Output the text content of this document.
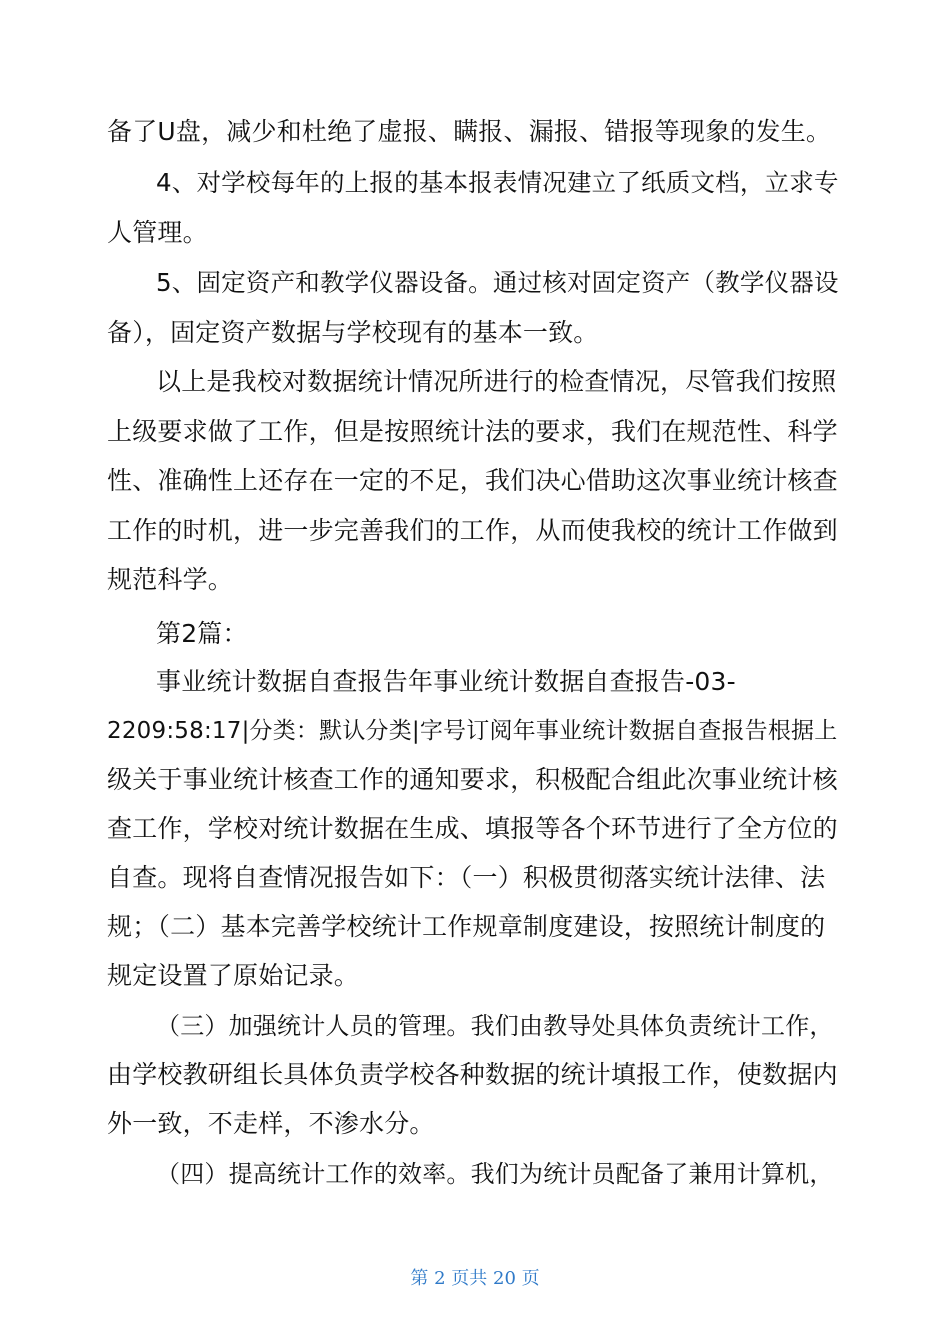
备了U盘，减少和杜绝了虚报、瞒报、漏报、错报等现象的发生。
4、对学校每年的上报的基本报表情况建立了纸质文档，立求专
人管理。
5、固定资产和教学仪器设备。通过核对固定资产（教学仪器设
备），固定资产数据与学校现有的基本一致。
以上是我校对数据统计情况所进行的检查情况，尽管我们按照
上级要求做了工作，但是按照统计法的要求，我们在规范性、科学
性、准确性上还存在一定的不足，我们决心借助这次事业统计核查
工作的时机，进一步完善我们的工作，从而使我校的统计工作做到
规范科学。
第2篇：
事业统计数据自查报告年事业统计数据自查报告-03-
2209:58:17|分类：默认分类|字号订阅年事业统计数据自查报告根据上
级关于事业统计核查工作的通知要求，积极配合组此次事业统计核
查工作，学校对统计数据在生成、填报等各个环节进行了全方位的
自查。现将自查情况报告如下：（一）积极贯彻落实统计法律、法
规；（二）基本完善学校统计工作规章制度建设，按照统计制度的
规定设置了原始记录。
（三）加强统计人员的管理。我们由教导处具体负责统计工作，
由学校教研组长具体负责学校各种数据的统计填报工作，使数据内
外一致，不走样，不渗水分。
（四）提高统计工作的效率。我们为统计员配备了兼用计算机，
第 2 页共 20 页
